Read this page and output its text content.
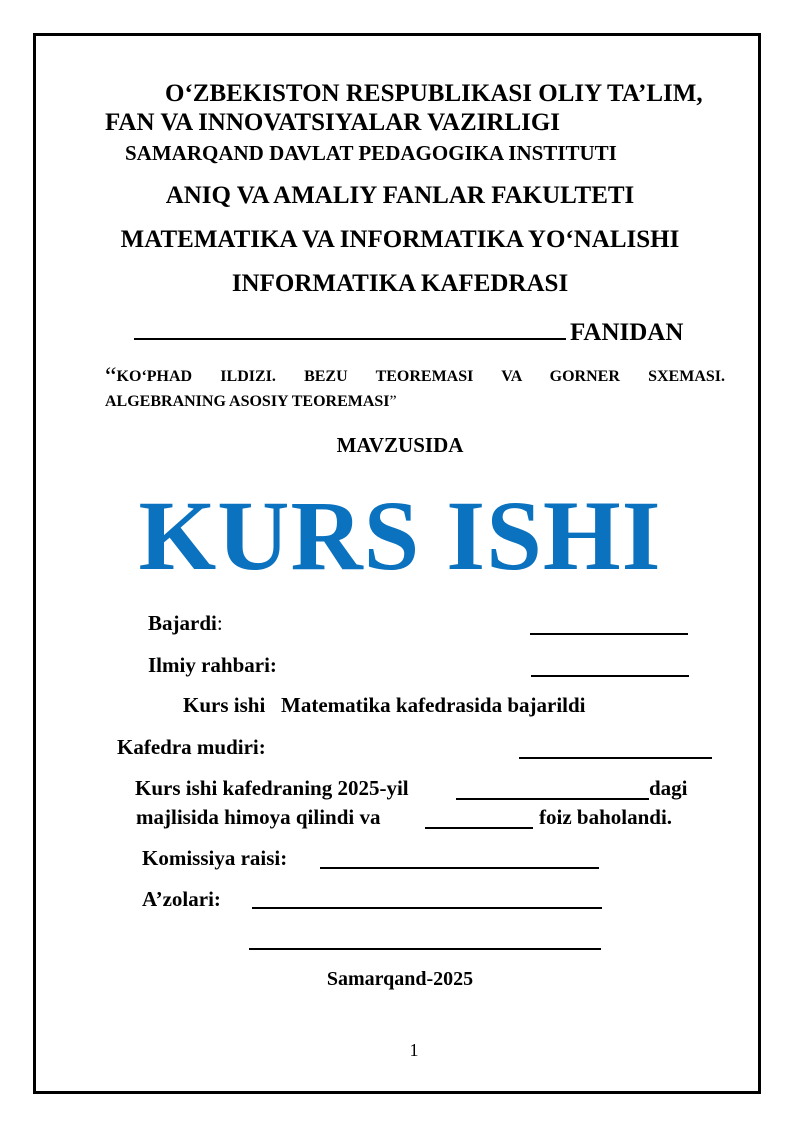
O‘ZBEKISTON RESPUBLIKASI OLIY TA’LIM,
FAN VA INNOVATSIYALAR VAZIRLIGI
SAMARQAND DAVLAT PEDAGOGIKA INSTITUTI
ANIQ VA AMALIY FANLAR FAKULTETI
MATEMATIKA VA INFORMATIKA YO‘NALISHI
INFORMATIKA KAFEDRASI
FANIDAN
“KO‘PHAD ILDIZI. BEZU TEOREMASI VA GORNER SXEMASI.
ALGEBRANING ASOSIY TEOREMASI”
MAVZUSIDA
KURS ISHI
Bajardi:
Ilmiy rahbari:
Kurs ishi Matematika kafedrasida bajarildi
Kafedra mudiri:
Kurs ishi kafedraning 2025-yil	dagi
majlisida himoya qilindi va	foiz baholandi.
Komissiya raisi:
A’zolari:
Samarqand-2025
1
